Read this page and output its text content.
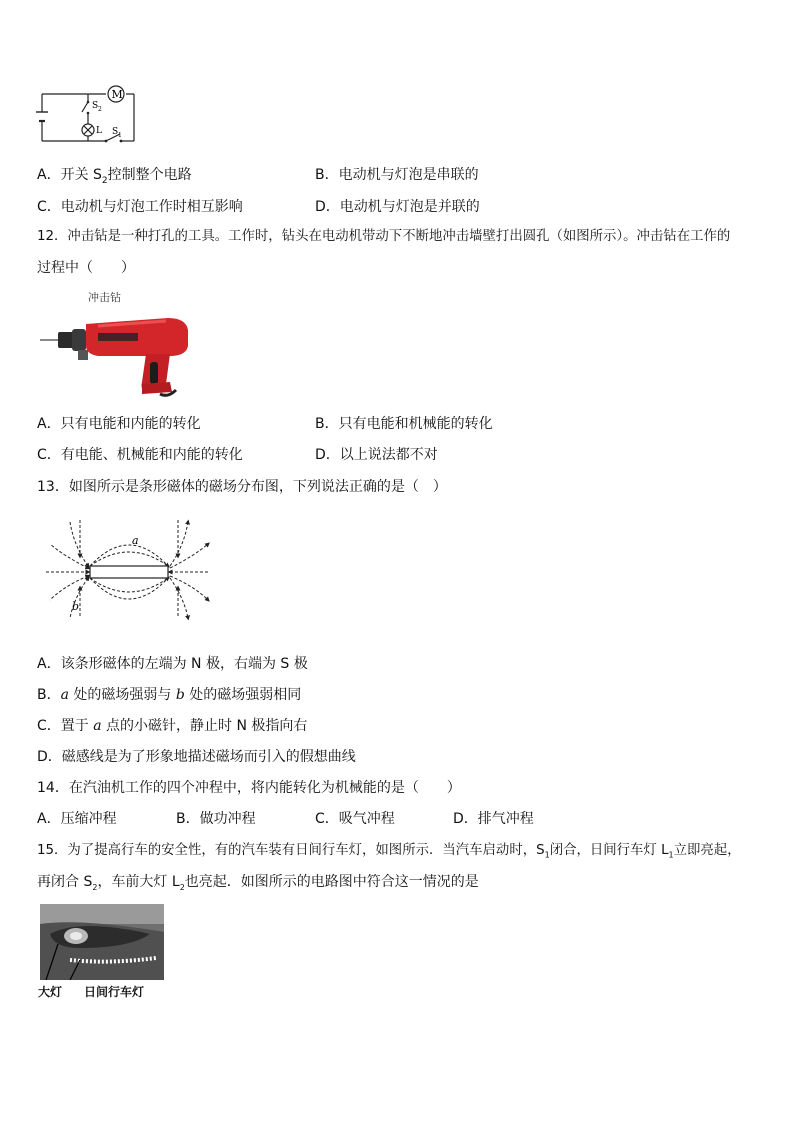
M
S 2
L S 1
A．开关 $S_2$控制整个电路	B．电动机与灯泡是串联的
C．电动机与灯泡工作时相互影响	D．电动机与灯泡是并联的
12．冲击钻是一种打孔的工具。工作时，钻头在电动机带动下不断地冲击墙壁打出圆孔（如图所示）。冲击钻在工作的
过程中（　　）
冲击钻
A．只有电能和内能的转化	B．只有电能和机械能的转化
C．有电能、机械能和内能的转化	D．以上说法都不对
13．如图所示是条形磁体的磁场分布图，下列说法正确的是（　）
a
b
A．该条形磁体的左端为 N 极，右端为 S 极
B．a 处的磁场强弱与 b 处的磁场强弱相同
C．置于 a 点的小磁针，静止时 N 极指向右
D．磁感线是为了形象地描述磁场而引入的假想曲线
14．在汽油机工作的四个冲程中，将内能转化为机械能的是（　　）
A．压缩冲程	B．做功冲程	C．吸气冲程	D．排气冲程
15．为了提高行车的安全性，有的汽车装有日间行车灯，如图所示．当汽车启动时，$S_1$闭合，日间行车灯 $L_1$立即亮起，
再闭合 $S_2$，车前大灯 $L_2$也亮起．如图所示的电路图中符合这一情况的是
大灯 日间行车灯
